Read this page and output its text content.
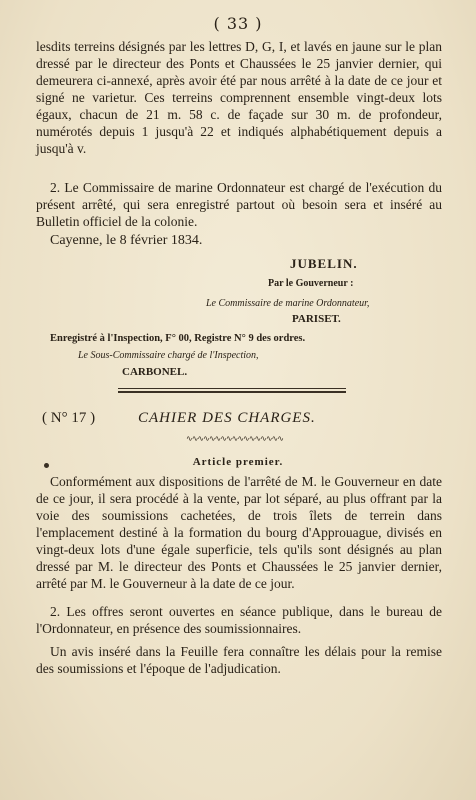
( 33 )
lesdits terreins désignés par les lettres D, G, I, et lavés en jaune sur le plan dressé par le directeur des Ponts et Chaussées le 25 janvier dernier, qui demeurera ci-annexé, après avoir été par nous arrêté à la date de ce jour et signé ne varietur. Ces terreins comprennent ensemble vingt-deux lots égaux, chacun de 21 m. 58 c. de façade sur 30 m. de profondeur, numérotés depuis 1 jusqu'à 22 et indiqués alphabétiquement depuis a jusqu'à v.
2. Le Commissaire de marine Ordonnateur est chargé de l'exécution du présent arrêté, qui sera enregistré partout où besoin sera et inséré au Bulletin officiel de la colonie.
Cayenne, le 8 février 1834.
JUBELIN.
Par le Gouverneur :
Le Commissaire de marine Ordonnateur,
PARISET.
Enregistré à l'Inspection, F° 00, Registre N° 9 des ordres.
Le Sous-Commissaire chargé de l'Inspection,
CARBONEL.
( N° 17 )	CAHIER DES CHARGES.
∿∿∿∿∿∿∿∿∿∿∿∿∿∿∿∿∿
Article premier.
Conformément aux dispositions de l'arrêté de M. le Gouverneur en date de ce jour, il sera procédé à la vente, par lot séparé, au plus offrant par la voie des soumissions cachetées, de trois îlets de terrein dans l'emplacement destiné à la formation du bourg d'Approuague, divisés en vingt-deux lots d'une égale superficie, tels qu'ils sont désignés au plan dressé par M. le directeur des Ponts et Chaussées le 25 janvier dernier, arrêté par M. le Gouverneur à la date de ce jour.
2. Les offres seront ouvertes en séance publique, dans le bureau de l'Ordonnateur, en présence des soumissionnaires.
Un avis inséré dans la Feuille fera connaître les délais pour la remise des soumissions et l'époque de l'adjudication.
